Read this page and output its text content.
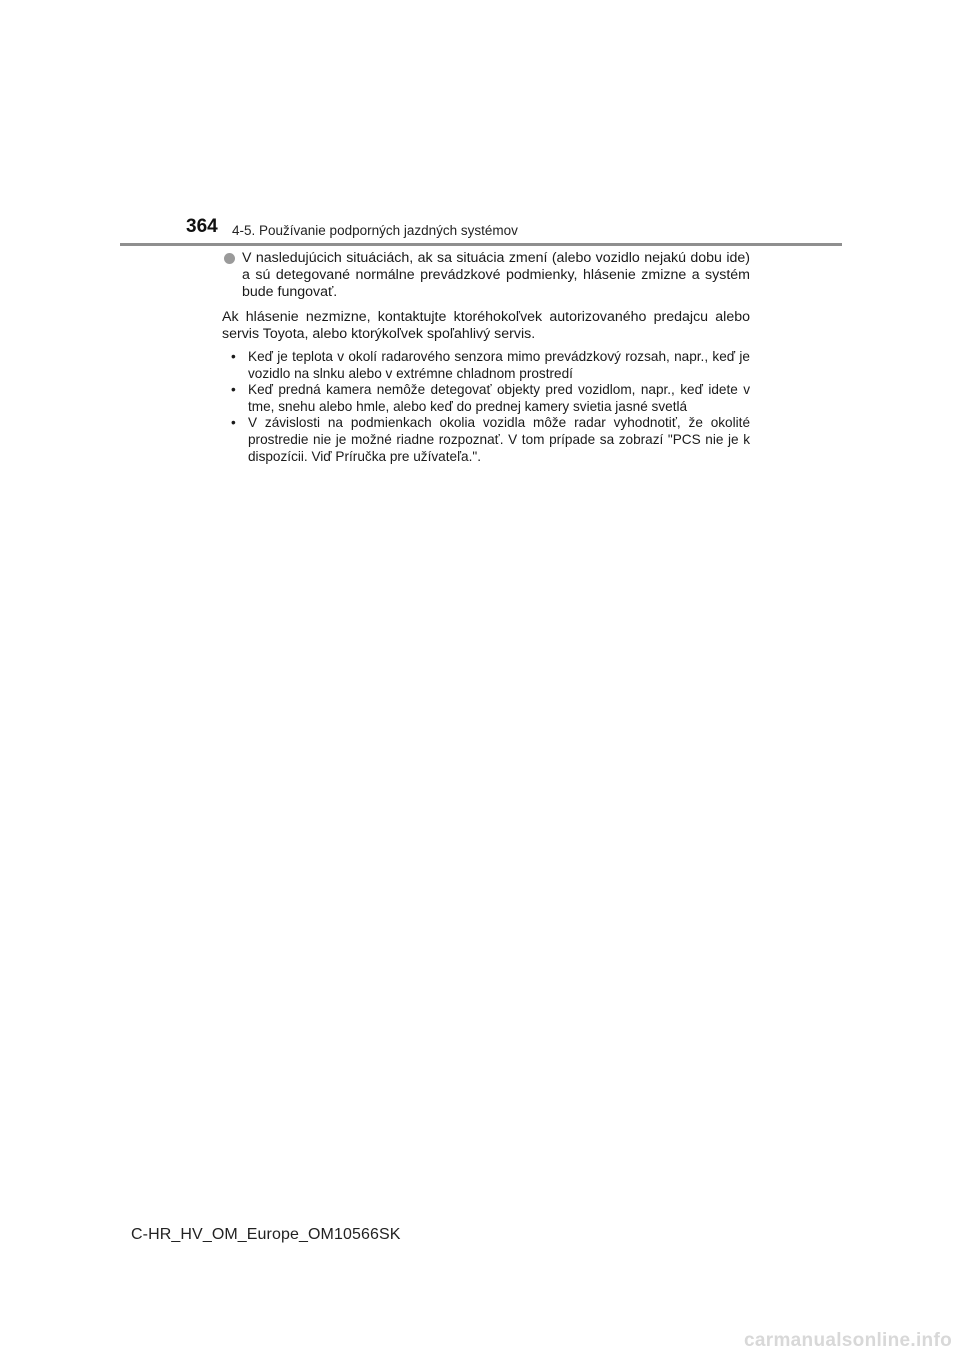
364 4-5. Používanie podporných jazdných systémov

V nasledujúcich situáciách, ak sa situácia zmení (alebo vozidlo nejakú dobu ide) a sú detegované normálne prevádzkové podmienky, hlásenie zmizne a systém bude fungovať.

Ak hlásenie nezmizne, kontaktujte ktoréhokoľvek autorizovaného predajcu alebo servis Toyota, alebo ktorýkoľvek spoľahlivý servis.

• Keď je teplota v okolí radarového senzora mimo prevádzkový rozsah, napr., keď je vozidlo na slnku alebo v extrémne chladnom prostredí
• Keď predná kamera nemôže detegovať objekty pred vozidlom, napr., keď idete v tme, snehu alebo hmle, alebo keď do prednej kamery svietia jasné svetlá
• V závislosti na podmienkach okolia vozidla môže radar vyhodnotiť, že okolité prostredie nie je možné riadne rozpoznať. V tom prípade sa zobrazí "PCS nie je k dispozícii. Viď Príručka pre užívateľa.".
C-HR_HV_OM_Europe_OM10566SK
carmanualsonline.info
